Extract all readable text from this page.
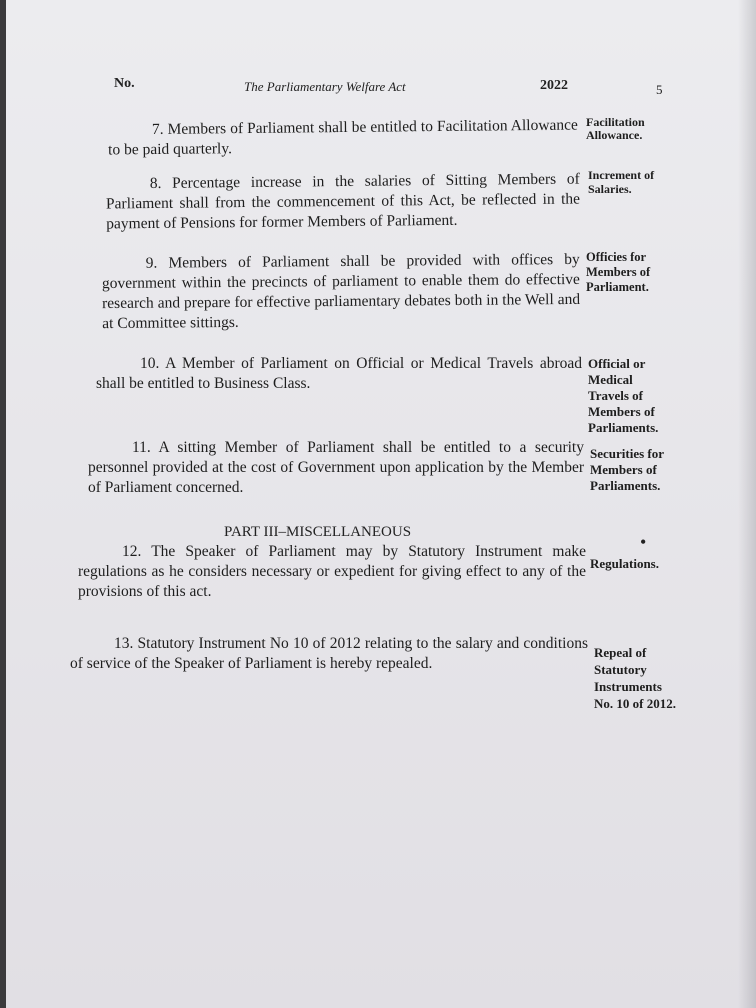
No.	The Parliamentary Welfare Act	2022	5

7. Members of Parliament shall be entitled to Facilitation Allowance to be paid quarterly.

Facilitation Allowance.

8. Percentage increase in the salaries of Sitting Members of Parliament shall from the commencement of this Act, be reflected in the payment of Pensions for former Members of Parliament.

Increment of Salaries.

9. Members of Parliament shall be provided with offices by government within the precincts of parliament to enable them do effective research and prepare for effective parliamentary debates both in the Well and at Committee sittings.

Officies for Members of Parliament.

10. A Member of Parliament on Official or Medical Travels abroad shall be entitled to Business Class.

Official or Medical Travels of Members of Parliaments.

11. A sitting Member of Parliament shall be entitled to a security personnel provided at the cost of Government upon application by the Member of Parliament concerned.

Securities for Members of Parliaments.
PART III–MISCELLANEOUS	•

12. The Speaker of Parliament may by Statutory Instrument make regulations as he considers necessary or expedient for giving effect to any of the provisions of this act.

Regulations.

13. Statutory Instrument No 10 of 2012 relating to the salary and conditions of service of the Speaker of Parliament is hereby repealed.

Repeal of Statutory Instruments No. 10 of 2012.
